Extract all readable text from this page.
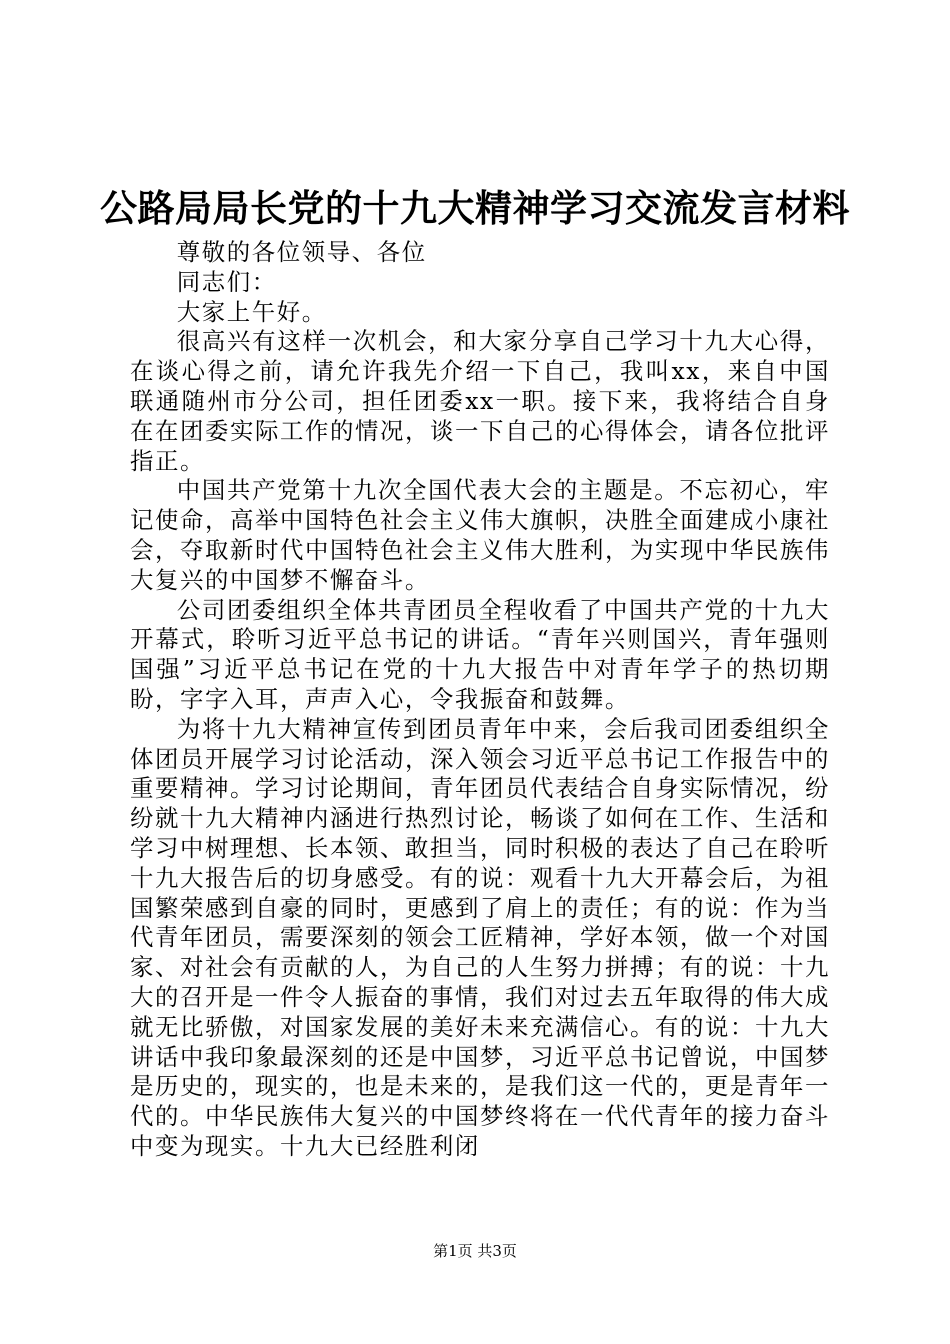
公路局局长党的十九大精神学习交流发言材料

尊敬的各位领导、各位

同志们：

大家上午好。

很高兴有这样一次机会，和大家分享自己学习十九大心得，在谈心得之前，请允许我先介绍一下自己，我叫xx，来自中国联通随州市分公司，担任团委xx一职。接下来，我将结合自身在在团委实际工作的情况，谈一下自己的心得体会，请各位批评指正。

中国共产党第十九次全国代表大会的主题是。不忘初心，牢记使命，高举中国特色社会主义伟大旗帜，决胜全面建成小康社会，夺取新时代中国特色社会主义伟大胜利，为实现中华民族伟大复兴的中国梦不懈奋斗。

公司团委组织全体共青团员全程收看了中国共产党的十九大开幕式，聆听习近平总书记的讲话。“青年兴则国兴，青年强则国强”习近平总书记在党的十九大报告中对青年学子的热切期盼，字字入耳，声声入心，令我振奋和鼓舞。

为将十九大精神宣传到团员青年中来，会后我司团委组织全体团员开展学习讨论活动，深入领会习近平总书记工作报告中的重要精神。学习讨论期间，青年团员代表结合自身实际情况，纷纷就十九大精神内涵进行热烈讨论，畅谈了如何在工作、生活和学习中树理想、长本领、敢担当，同时积极的表达了自己在聆听十九大报告后的切身感受。有的说：观看十九大开幕会后，为祖国繁荣感到自豪的同时，更感到了肩上的责任；有的说：作为当代青年团员，需要深刻的领会工匠精神，学好本领，做一个对国家、对社会有贡献的人，为自己的人生努力拼搏；有的说：十九大的召开是一件令人振奋的事情，我们对过去五年取得的伟大成就无比骄傲，对国家发展的美好未来充满信心。有的说：十九大讲话中我印象最深刻的还是中国梦，习近平总书记曾说，中国梦是历史的，现实的，也是未来的，是我们这一代的，更是青年一代的。中华民族伟大复兴的中国梦终将在一代代青年的接力奋斗中变为现实。十九大已经胜利闭

第1页 共3页
